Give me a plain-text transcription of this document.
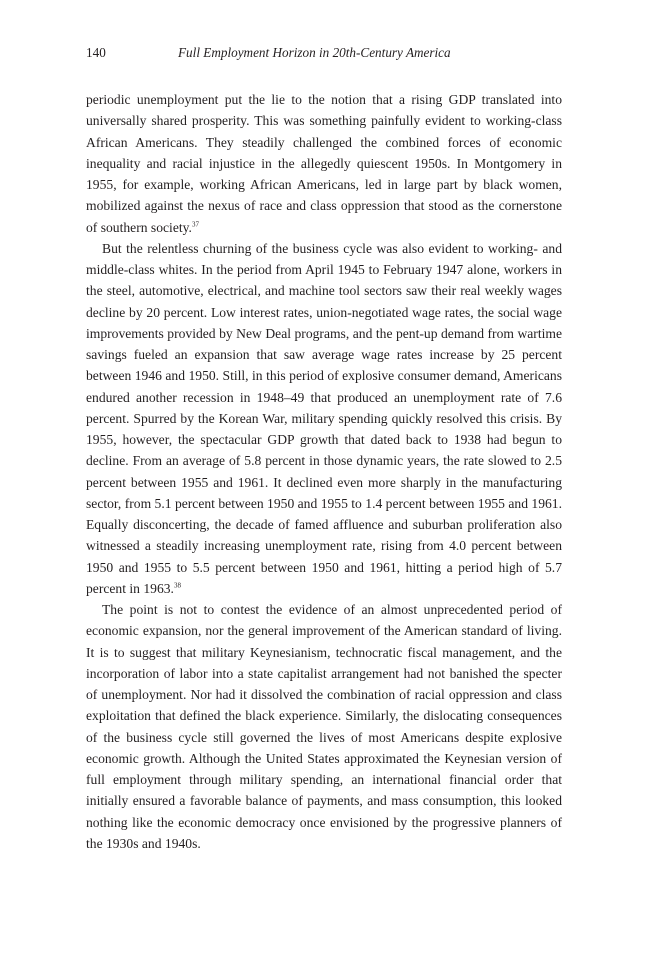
140	Full Employment Horizon in 20th-Century America

periodic unemployment put the lie to the notion that a rising GDP translated into universally shared prosperity. This was something painfully evident to working-class African Americans. They steadily challenged the combined forces of economic inequality and racial injustice in the allegedly quiescent 1950s. In Montgomery in 1955, for example, working African Americans, led in large part by black women, mobilized against the nexus of race and class oppression that stood as the cornerstone of southern society.$^{37}$

But the relentless churning of the business cycle was also evident to working- and middle-class whites. In the period from April 1945 to February 1947 alone, workers in the steel, automotive, electrical, and machine tool sectors saw their real weekly wages decline by 20 percent. Low interest rates, union-negotiated wage rates, the social wage improvements provided by New Deal programs, and the pent-up demand from wartime savings fueled an expansion that saw average wage rates increase by 25 percent between 1946 and 1950. Still, in this period of explosive consumer demand, Americans endured another recession in 1948–49 that produced an unemployment rate of 7.6 percent. Spurred by the Korean War, military spending quickly resolved this crisis. By 1955, however, the spectacular GDP growth that dated back to 1938 had begun to decline. From an average of 5.8 percent in those dynamic years, the rate slowed to 2.5 percent between 1955 and 1961. It declined even more sharply in the manufacturing sector, from 5.1 percent between 1950 and 1955 to 1.4 percent between 1955 and 1961. Equally disconcerting, the decade of famed affluence and suburban proliferation also witnessed a steadily increasing unemployment rate, rising from 4.0 percent between 1950 and 1955 to 5.5 percent between 1950 and 1961, hitting a period high of 5.7 percent in 1963.38

The point is not to contest the evidence of an almost unprecedented period of economic expansion, nor the general improvement of the American standard of living. It is to suggest that military Keynesianism, technocratic fiscal management, and the incorporation of labor into a state capitalist arrangement had not banished the specter of unemployment. Nor had it dissolved the combination of racial oppression and class exploitation that defined the black experience. Similarly, the dislocating consequences of the business cycle still governed the lives of most Americans despite explosive economic growth. Although the United States approximated the Keynesian version of full employment through military spending, an international financial order that initially ensured a favorable balance of payments, and mass consumption, this looked nothing like the economic democracy once envisioned by the progressive planners of the 1930s and 1940s.
